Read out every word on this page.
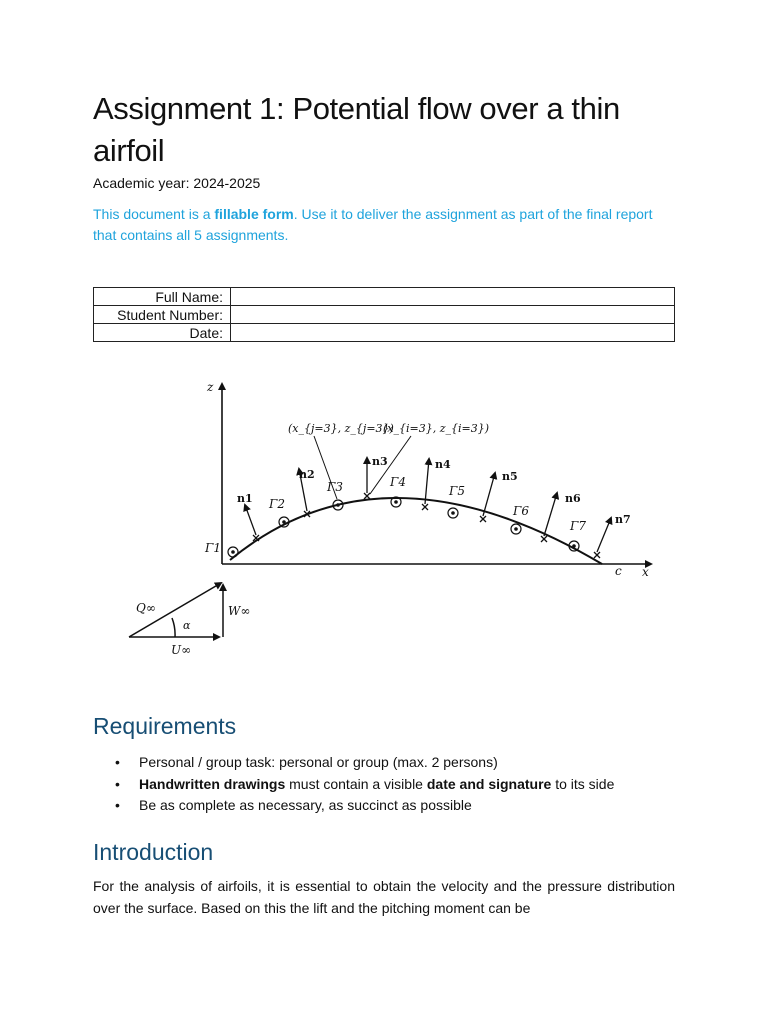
Assignment 1: Potential flow over a thin airfoil
Academic year: 2024-2025

This document is a fillable form. Use it to deliver the assignment as part of the final report that contains all 5 assignments.

Full Name:	
Student Number:	
Date:	
z
x
c
n1
n2
n3	n4
n5
n6
n7
Γ1
Γ2
Γ3	Γ4
Γ5
Γ6
Γ7
(x_{j=3}, z_{j=3})
(x_{i=3}, z_{i=3})
Q∞	W∞
U∞
α
Requirements
• Personal / group task: personal or group (max. 2 persons)
• Handwritten drawings must contain a visible date and signature to its side
• Be as complete as necessary, as succinct as possible
Introduction

For the analysis of airfoils, it is essential to obtain the velocity and the pressure distribution over the surface. Based on this the lift and the pitching moment can be
